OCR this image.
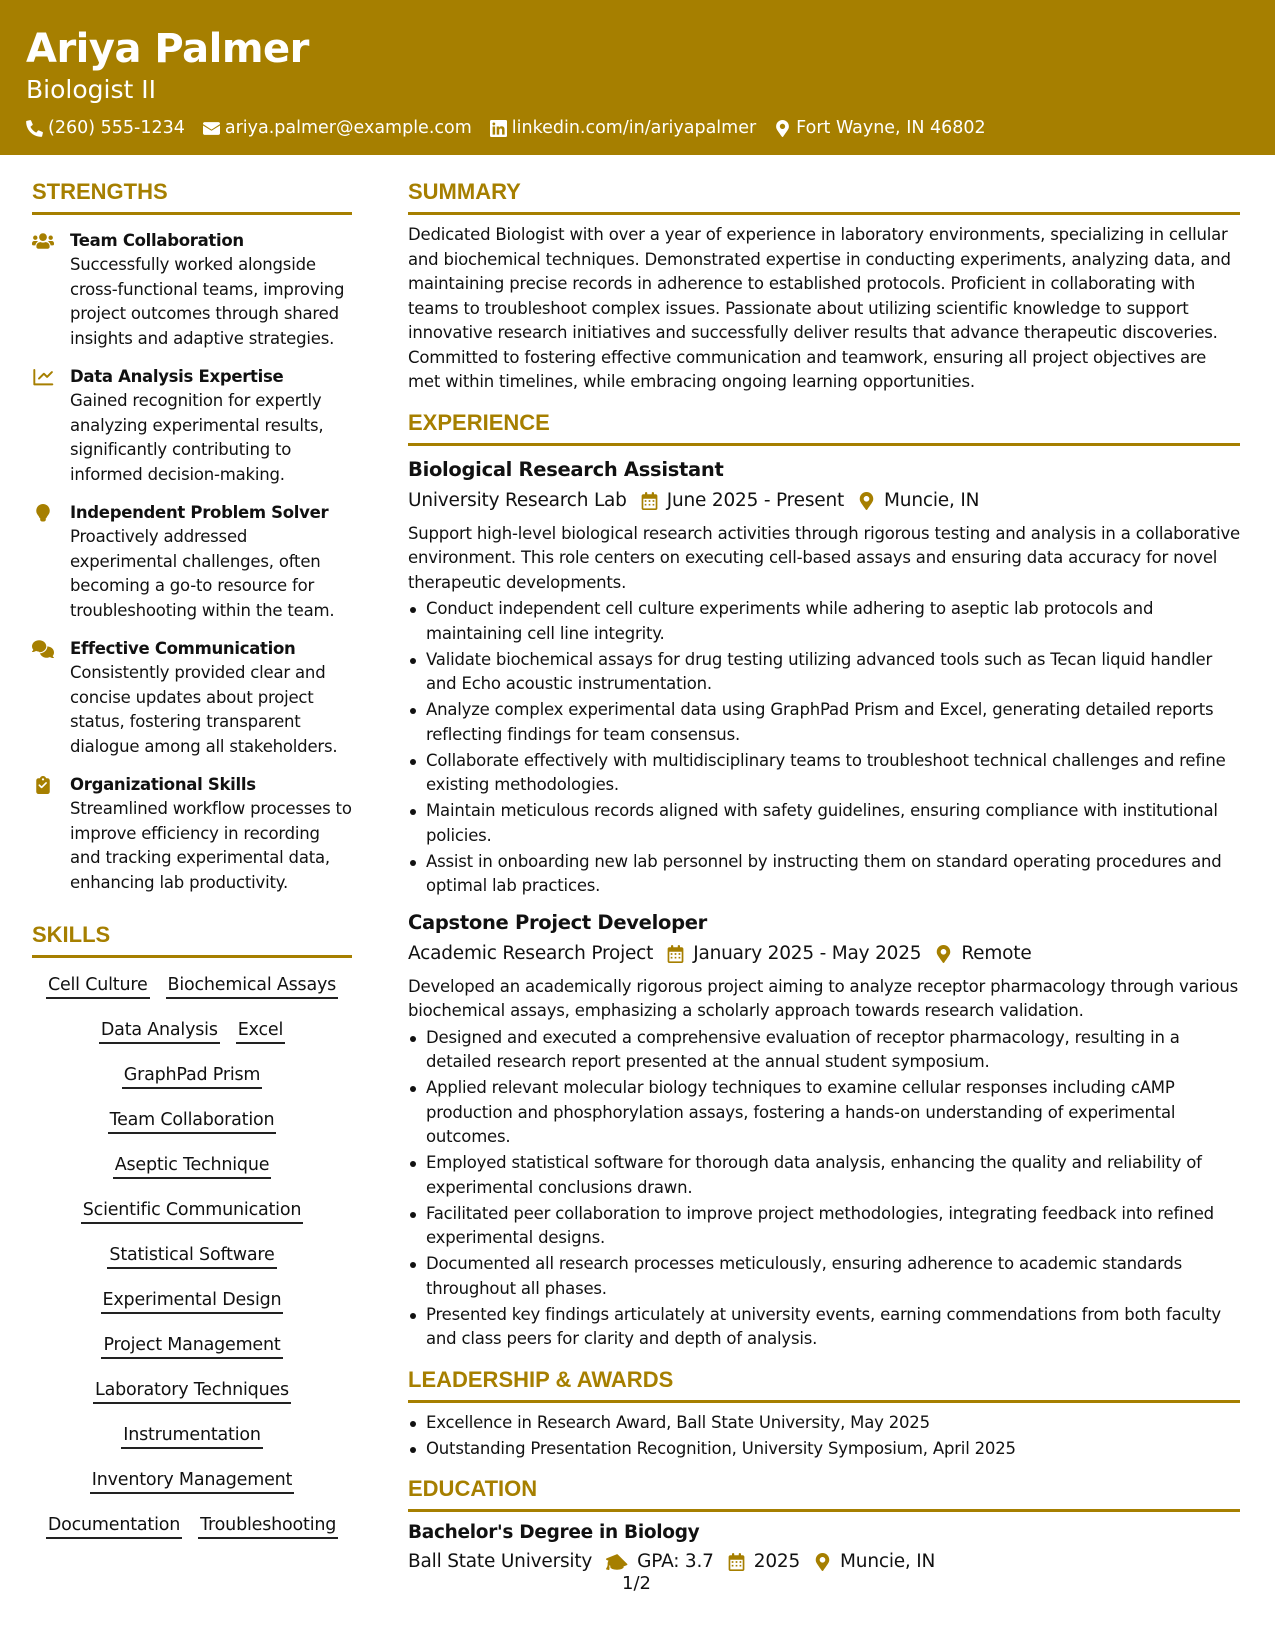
Ariya Palmer
Biologist II
(260) 555-1234 ariya.palmer@example.com linkedin.com/in/ariyapalmer Fort Wayne, IN 46802
STRENGTHS
Team Collaboration
Successfully worked alongside cross-functional teams, improving project outcomes through shared insights and adaptive strategies.
Data Analysis Expertise
Gained recognition for expertly analyzing experimental results, significantly contributing to informed decision-making.
Independent Problem Solver
Proactively addressed experimental challenges, often becoming a go-to resource for troubleshooting within the team.
Effective Communication
Consistently provided clear and concise updates about project status, fostering transparent dialogue among all stakeholders.
Organizational Skills
Streamlined workflow processes to improve efficiency in recording and tracking experimental data, enhancing lab productivity.
SKILLS
Cell Culture Biochemical Assays
Data Analysis Excel
GraphPad Prism
Team Collaboration
Aseptic Technique
Scientific Communication
Statistical Software
Experimental Design
Project Management
Laboratory Techniques
Instrumentation
Inventory Management
Documentation Troubleshooting
SUMMARY
Dedicated Biologist with over a year of experience in laboratory environments, specializing in cellular and biochemical techniques. Demonstrated expertise in conducting experiments, analyzing data, and maintaining precise records in adherence to established protocols. Proficient in collaborating with teams to troubleshoot complex issues. Passionate about utilizing scientific knowledge to support innovative research initiatives and successfully deliver results that advance therapeutic discoveries. Committed to fostering effective communication and teamwork, ensuring all project objectives are met within timelines, while embracing ongoing learning opportunities.
EXPERIENCE
Biological Research Assistant
University Research Lab June 2025 - Present Muncie, IN
Support high-level biological research activities through rigorous testing and analysis in a collaborative environment. This role centers on executing cell-based assays and ensuring data accuracy for novel therapeutic developments.
Conduct independent cell culture experiments while adhering to aseptic lab protocols and maintaining cell line integrity.
Validate biochemical assays for drug testing utilizing advanced tools such as Tecan liquid handler and Echo acoustic instrumentation.
Analyze complex experimental data using GraphPad Prism and Excel, generating detailed reports reflecting findings for team consensus.
Collaborate effectively with multidisciplinary teams to troubleshoot technical challenges and refine existing methodologies.
Maintain meticulous records aligned with safety guidelines, ensuring compliance with institutional policies.
Assist in onboarding new lab personnel by instructing them on standard operating procedures and optimal lab practices.
Capstone Project Developer
Academic Research Project January 2025 - May 2025 Remote
Developed an academically rigorous project aiming to analyze receptor pharmacology through various biochemical assays, emphasizing a scholarly approach towards research validation.
Designed and executed a comprehensive evaluation of receptor pharmacology, resulting in a detailed research report presented at the annual student symposium.
Applied relevant molecular biology techniques to examine cellular responses including cAMP production and phosphorylation assays, fostering a hands-on understanding of experimental outcomes.
Employed statistical software for thorough data analysis, enhancing the quality and reliability of experimental conclusions drawn.
Facilitated peer collaboration to improve project methodologies, integrating feedback into refined experimental designs.
Documented all research processes meticulously, ensuring adherence to academic standards throughout all phases.
Presented key findings articulately at university events, earning commendations from both faculty and class peers for clarity and depth of analysis.
LEADERSHIP & AWARDS
Excellence in Research Award, Ball State University, May 2025
Outstanding Presentation Recognition, University Symposium, April 2025
EDUCATION
Bachelor's Degree in Biology
Ball State University GPA: 3.7 2025 Muncie, IN
1/2
